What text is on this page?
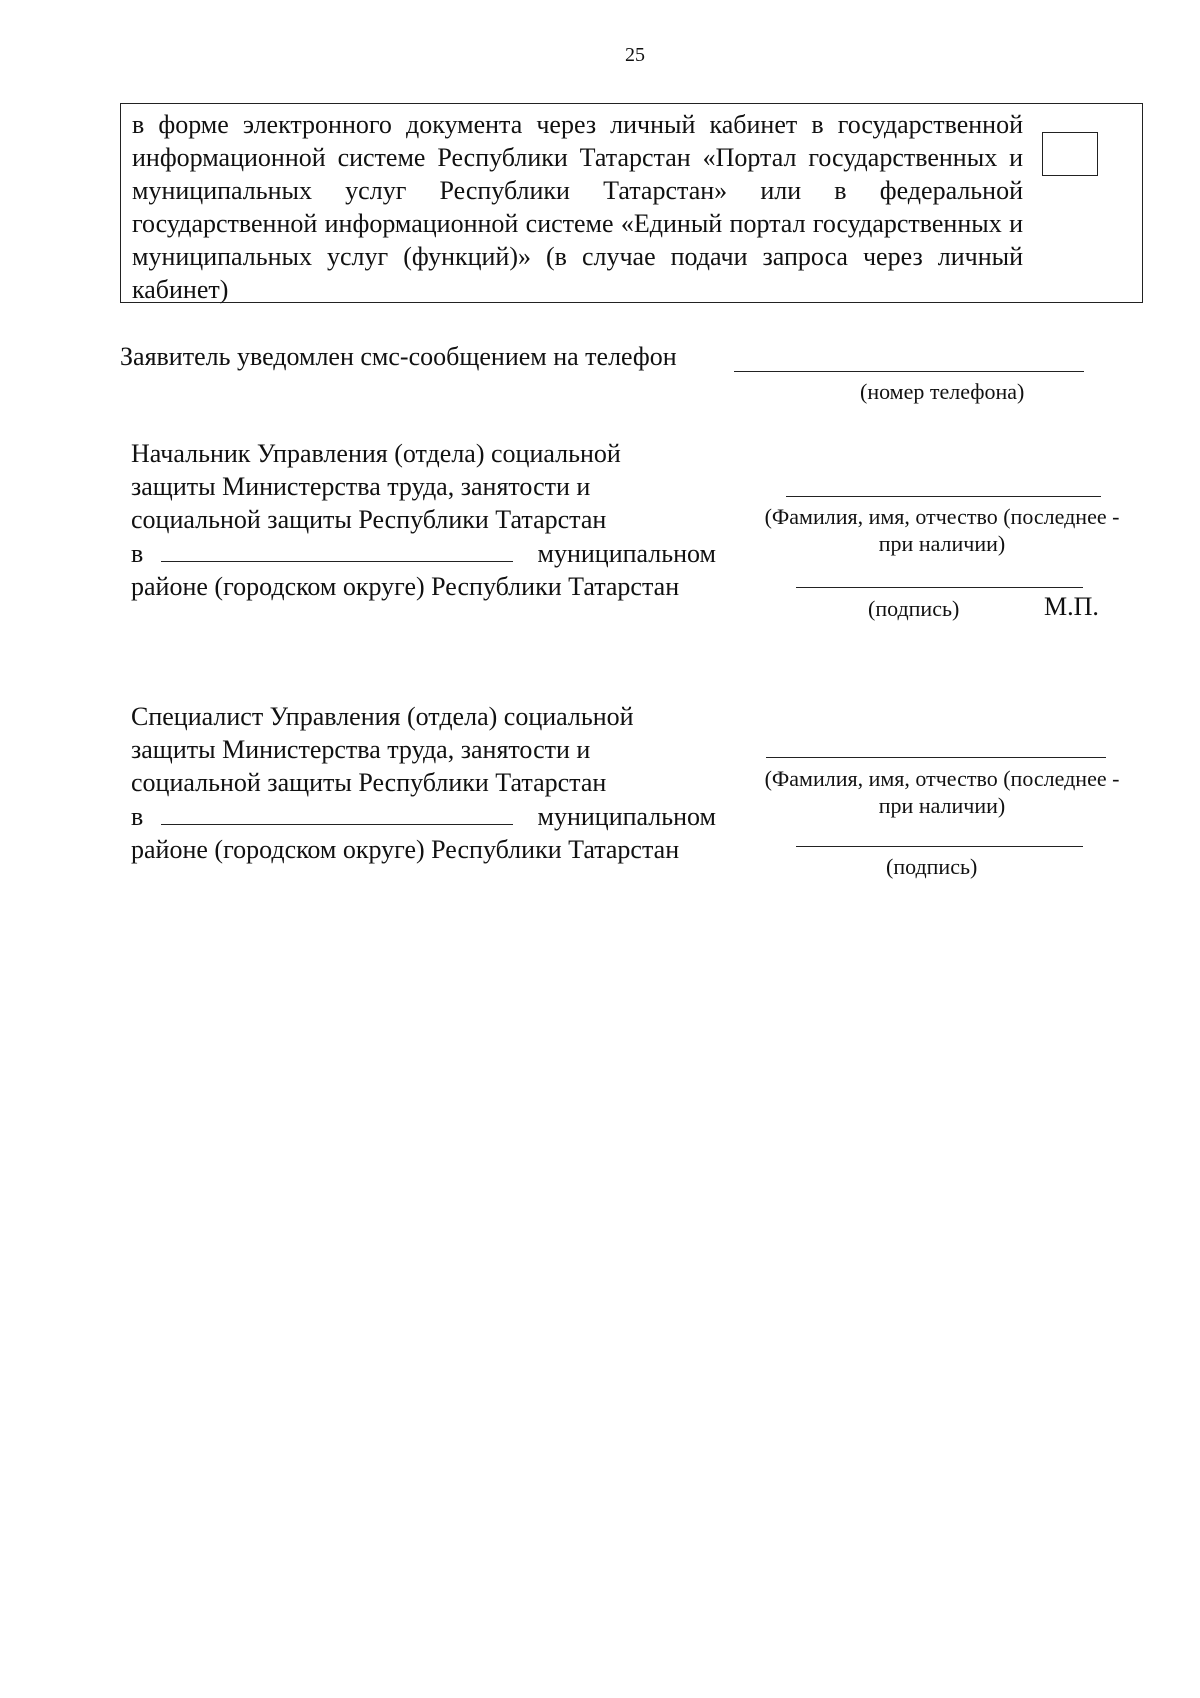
25
в форме электронного документа через личный кабинет в государственной информационной системе Республики Татарстан «Портал государственных и муниципальных услуг Республики Татарстан» или в федеральной государственной информационной системе «Единый портал государственных и муниципальных услуг (функций)» (в случае подачи запроса через личный кабинет)
Заявитель уведомлен смс-сообщением на телефон
(номер телефона)
Начальник Управления (отдела) социальной
защиты Министерства труда, занятости и
социальной защиты Республики Татарстан
в	муниципальном
районе (городском округе) Республики Татарстан
(Фамилия, имя, отчество (последнее -
при наличии)
(подпись)	М.П.
Специалист Управления (отдела) социальной
защиты Министерства труда, занятости и
социальной защиты Республики Татарстан
в	муниципальном
районе (городском округе) Республики Татарстан
(Фамилия, имя, отчество (последнее -
при наличии)
(подпись)
